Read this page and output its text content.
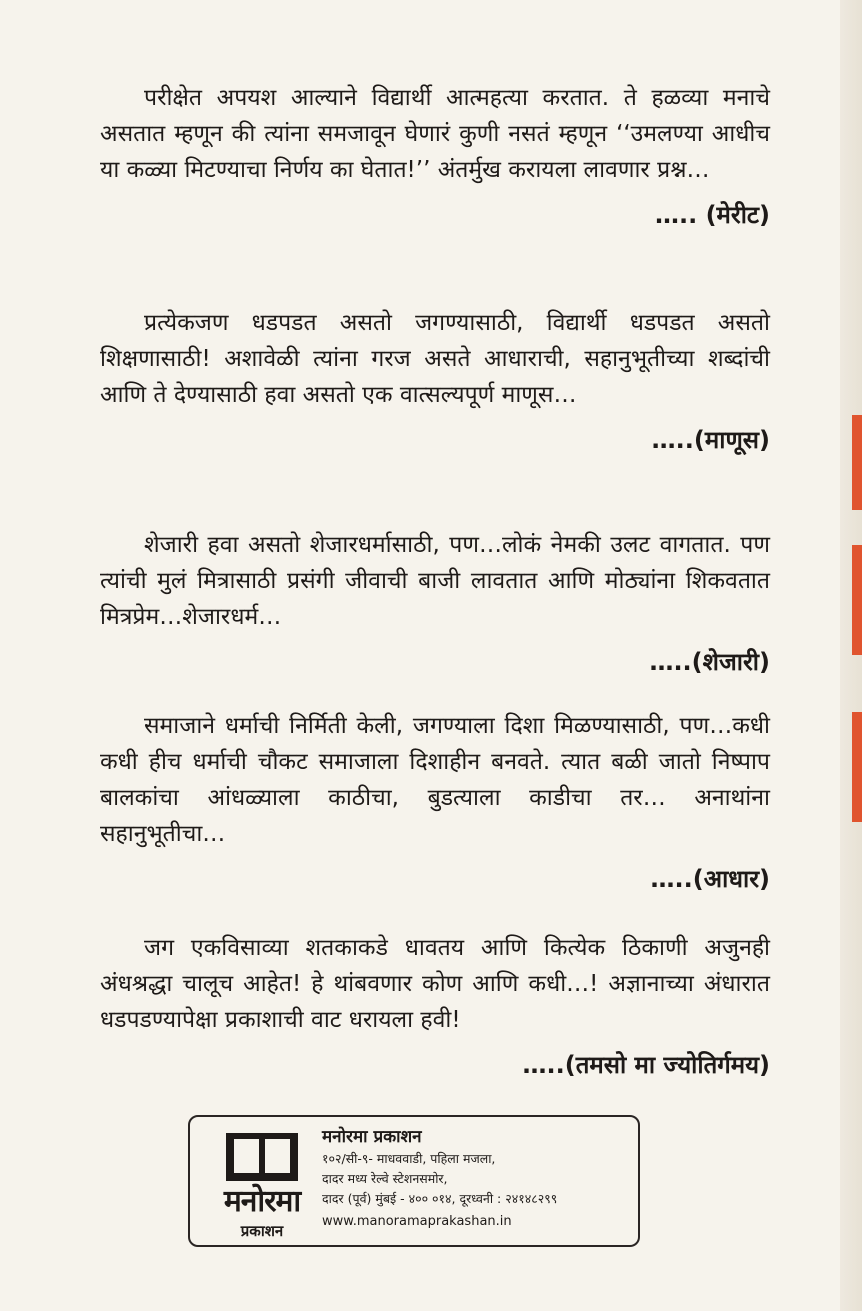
परीक्षेत अपयश आल्याने विद्यार्थी आत्महत्या करतात. ते हळव्या मनाचे असतात म्हणून की त्यांना समजावून घेणारं कुणी नसतं म्हणून ‘‘उमलण्या आधीच या कळ्या मिटण्याचा निर्णय का घेतात!’’ अंतर्मुख करायला लावणार प्रश्न…

….. (मेरीट)

प्रत्येकजण धडपडत असतो जगण्यासाठी, विद्यार्थी धडपडत असतो शिक्षणासाठी! अशावेळी त्यांना गरज असते आधाराची, सहानुभूतीच्या शब्दांची आणि ते देण्यासाठी हवा असतो एक वात्सल्यपूर्ण माणूस…

…..(माणूस)

शेजारी हवा असतो शेजारधर्मासाठी, पण…लोकं नेमकी उलट वागतात. पण त्यांची मुलं मित्रासाठी प्रसंगी जीवाची बाजी लावतात आणि मोठ्यांना शिकवतात मित्रप्रेम…शेजारधर्म…

…..(शेजारी)

समाजाने धर्माची निर्मिती केली, जगण्याला दिशा मिळण्यासाठी, पण…कधी कधी हीच धर्माची चौकट समाजाला दिशाहीन बनवते. त्यात बळी जातो निष्पाप बालकांचा आंधळ्याला काठीचा, बुडत्याला काडीचा तर… अनाथांना सहानुभूतीचा…

…..(आधार)

जग एकविसाव्या शतकाकडे धावतय आणि कित्येक ठिकाणी अजुनही अंधश्रद्धा चालूच आहेत! हे थांबवणार कोण आणि कधी…! अज्ञानाच्या अंधारात धडपडण्यापेक्षा प्रकाशाची वाट धरायला हवी!

…..(तमसो मा ज्योतिर्गमय)
मनोरमा
प्रकाशन
मनोरमा प्रकाशन
१०२/सी-९- माधववाडी, पहिला मजला,
दादर मध्य रेल्वे स्टेशनसमोर,
दादर (पूर्व) मुंबई - ४०० ०१४, दूरध्वनी : २४१४८२९९
www.manoramaprakashan.in
